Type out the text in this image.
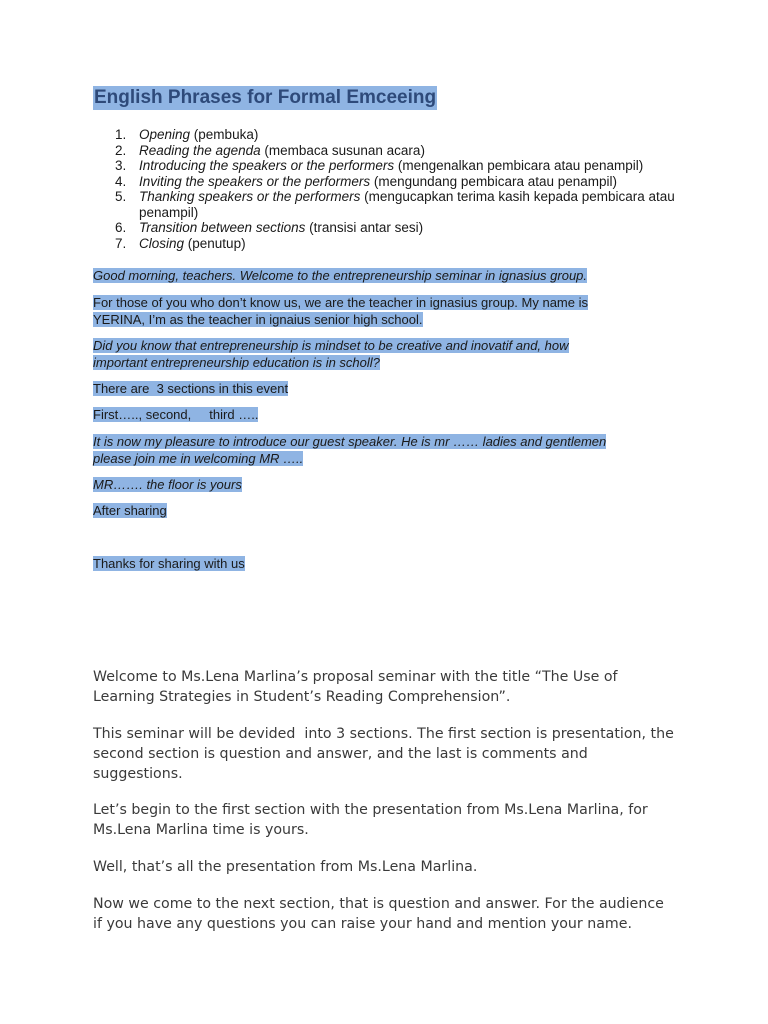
English Phrases for Formal Emceeing
1. Opening (pembuka)
2. Reading the agenda (membaca susunan acara)
3. Introducing the speakers or the performers (mengenalkan pembicara atau penampil)
4. Inviting the speakers or the performers (mengundang pembicara atau penampil)
5. Thanking speakers or the performers (mengucapkan terima kasih kepada pembicara atau penampil)
6. Transition between sections (transisi antar sesi)
7. Closing (penutup)

Good morning, teachers. Welcome to the entrepreneurship seminar in ignasius group.

For those of you who don’t know us, we are the teacher in ignasius group. My name is
YERINA, I’m as the teacher in ignaius senior high school.

Did you know that entrepreneurship is mindset to be creative and inovatif and, how
important entrepreneurship education is in scholl?

There are  3 sections in this event

First….., second,     third …..

It is now my pleasure to introduce our guest speaker. He is mr …… ladies and gentlemen
please join me in welcoming MR …..

MR……. the floor is yours

After sharing

Thanks for sharing with us

Welcome to Ms.Lena Marlina’s proposal seminar with the title “The Use of
Learning Strategies in Student’s Reading Comprehension”.

This seminar will be devided  into 3 sections. The first section is presentation, the
second section is question and answer, and the last is comments and
suggestions.

Let’s begin to the first section with the presentation from Ms.Lena Marlina, for
Ms.Lena Marlina time is yours.

Well, that’s all the presentation from Ms.Lena Marlina.

Now we come to the next section, that is question and answer. For the audience
if you have any questions you can raise your hand and mention your name.
